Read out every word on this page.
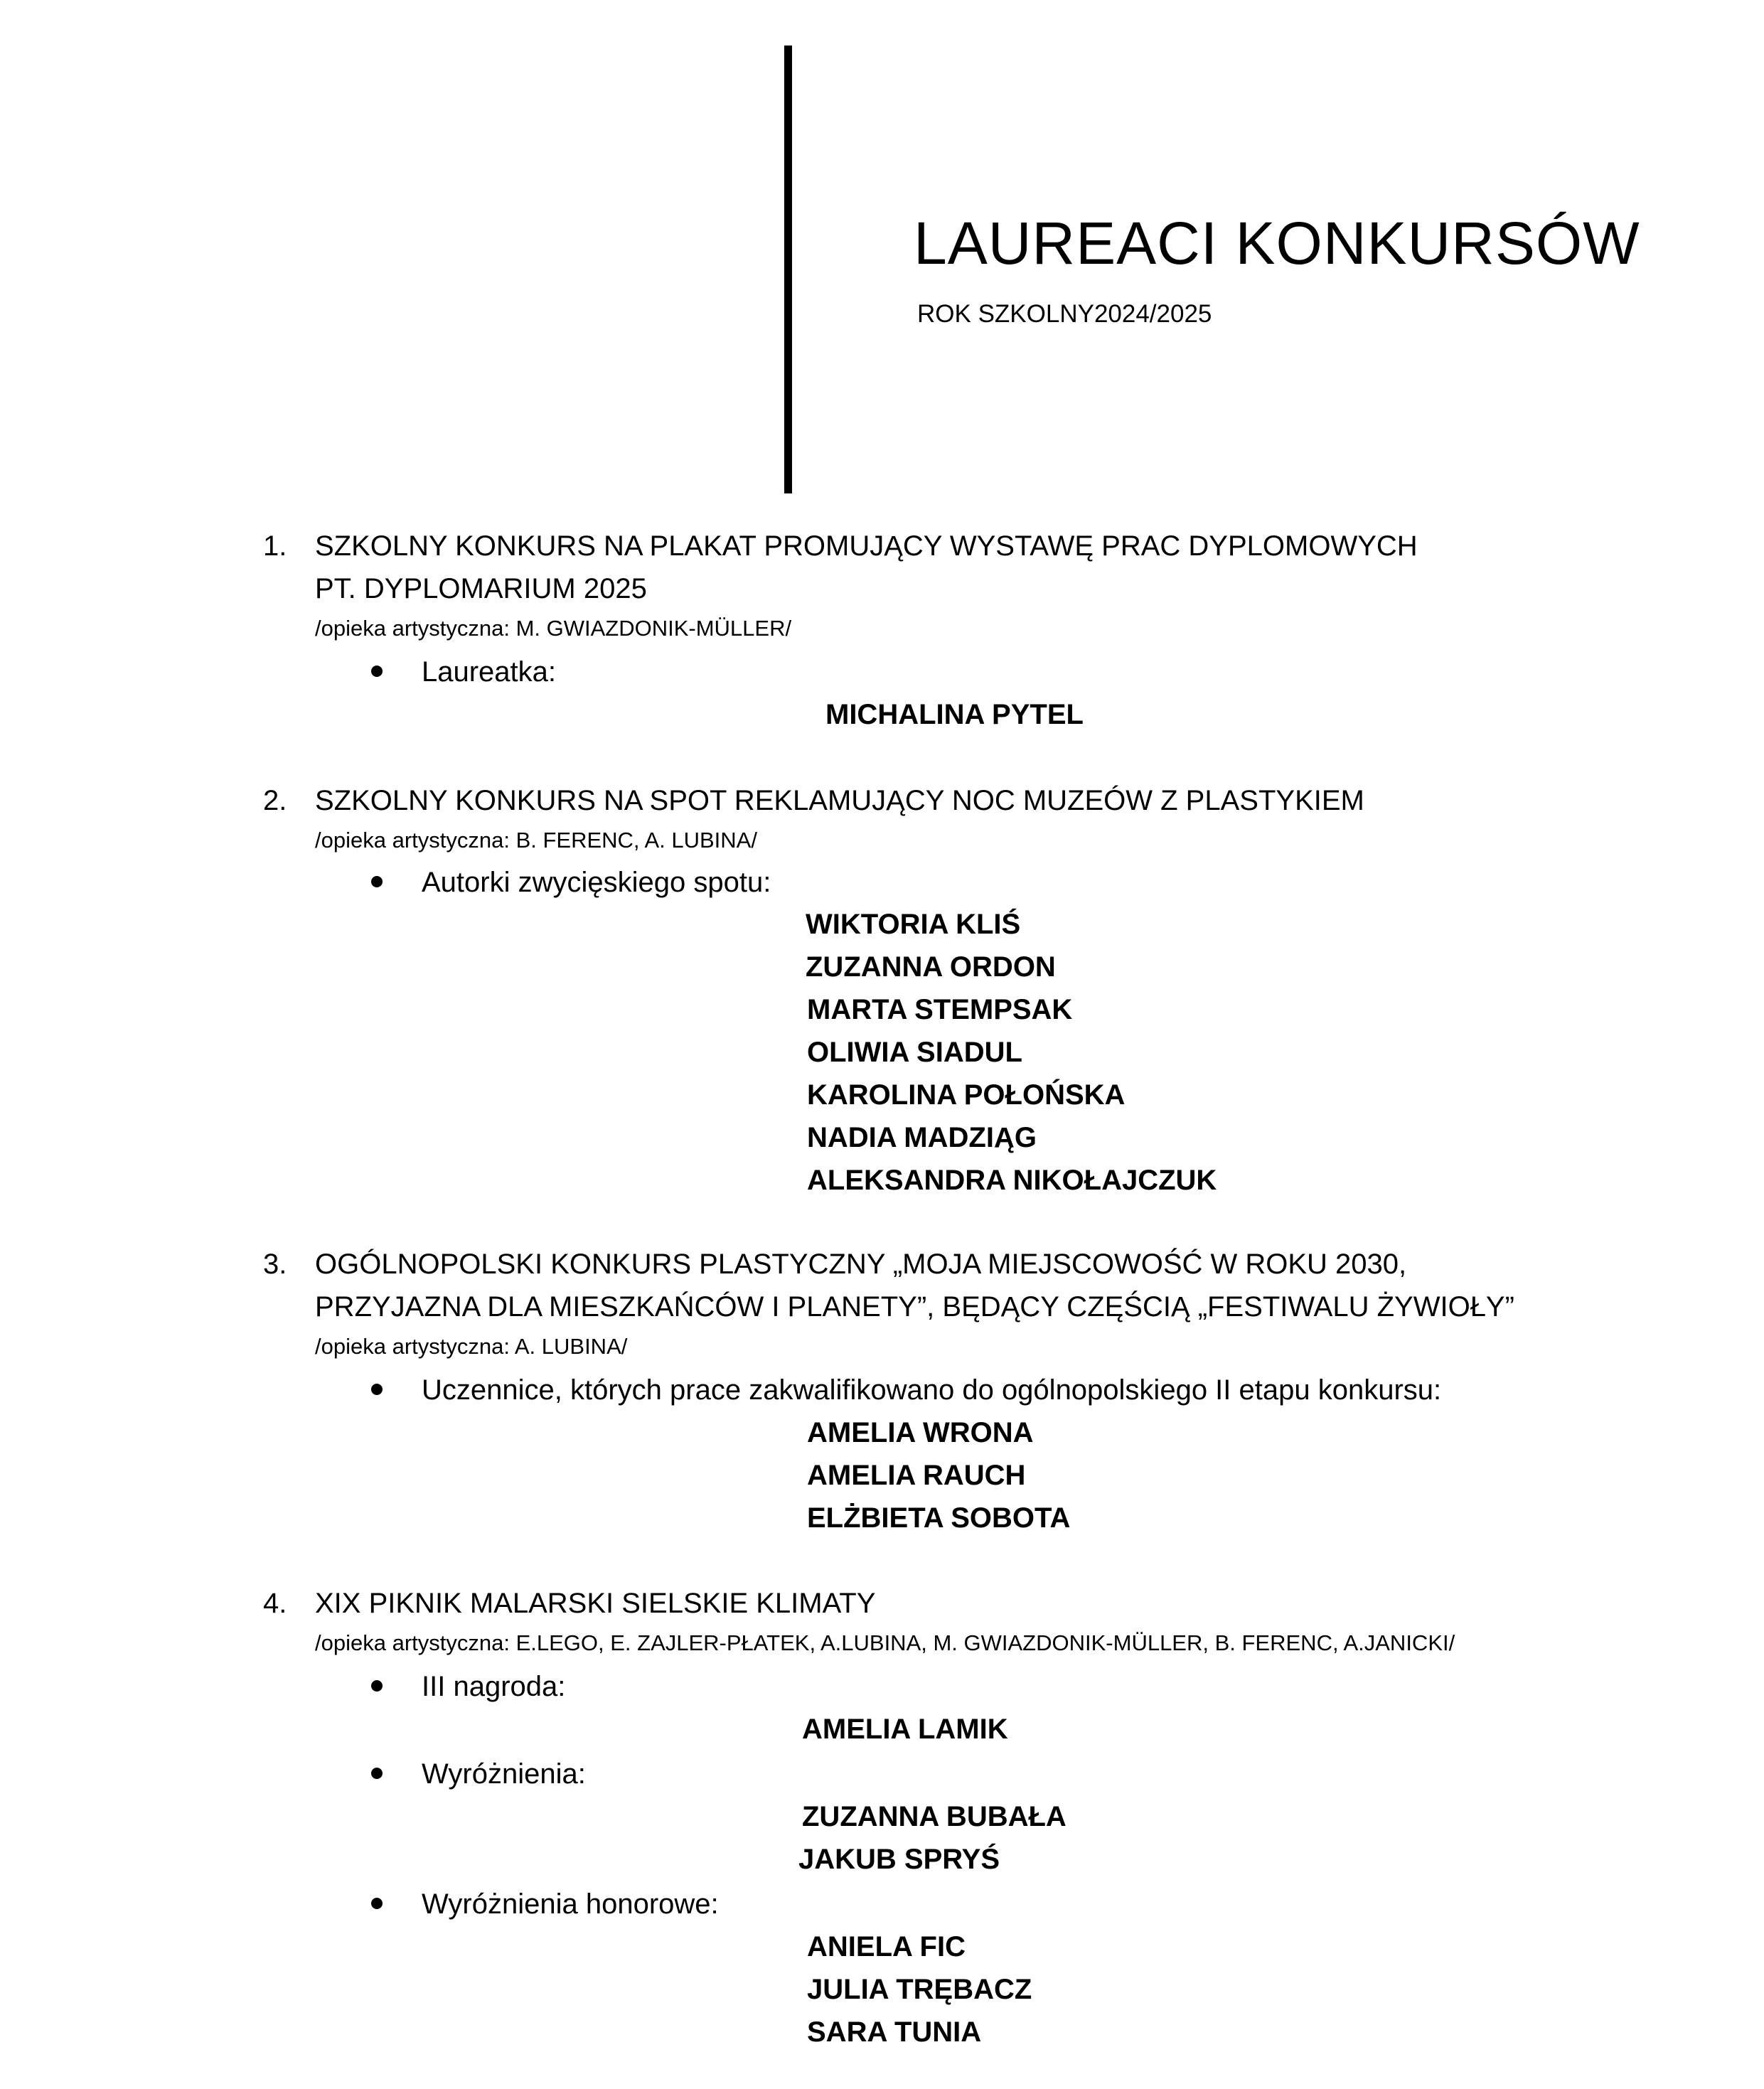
LAUREACI KONKURSÓW
ROK SZKOLNY2024/2025
1. SZKOLNY KONKURS NA PLAKAT PROMUJĄCY WYSTAWĘ PRAC DYPLOMOWYCH
PT. DYPLOMARIUM 2025
/opieka artystyczna: M. GWIAZDONIK-MÜLLER/
Laureatka:
MICHALINA PYTEL
2. SZKOLNY KONKURS NA SPOT REKLAMUJĄCY NOC MUZEÓW Z PLASTYKIEM
/opieka artystyczna: B. FERENC, A. LUBINA/
Autorki zwycięskiego spotu:
WIKTORIA KLIŚ
ZUZANNA ORDON
MARTA STEMPSAK
OLIWIA SIADUL
KAROLINA POŁOŃSKA
NADIA MADZIĄG
ALEKSANDRA NIKOŁAJCZUK
3. OGÓLNOPOLSKI KONKURS PLASTYCZNY „MOJA MIEJSCOWOŚĆ W ROKU 2030,
PRZYJAZNA DLA MIESZKAŃCÓW I PLANETY”, BĘDĄCY CZĘŚCIĄ „FESTIWALU ŻYWIOŁY”
/opieka artystyczna: A. LUBINA/
Uczennice, których prace zakwalifikowano do ogólnopolskiego II etapu konkursu:
AMELIA WRONA
AMELIA RAUCH
ELŻBIETA SOBOTA
4. XIX PIKNIK MALARSKI SIELSKIE KLIMATY
/opieka artystyczna: E.LEGO, E. ZAJLER-PŁATEK, A.LUBINA, M. GWIAZDONIK-MÜLLER, B. FERENC, A.JANICKI/
III nagroda:
AMELIA LAMIK
Wyróżnienia:
ZUZANNA BUBAŁA
JAKUB SPRYŚ
Wyróżnienia honorowe:
ANIELA FIC
JULIA TRĘBACZ
SARA TUNIA
